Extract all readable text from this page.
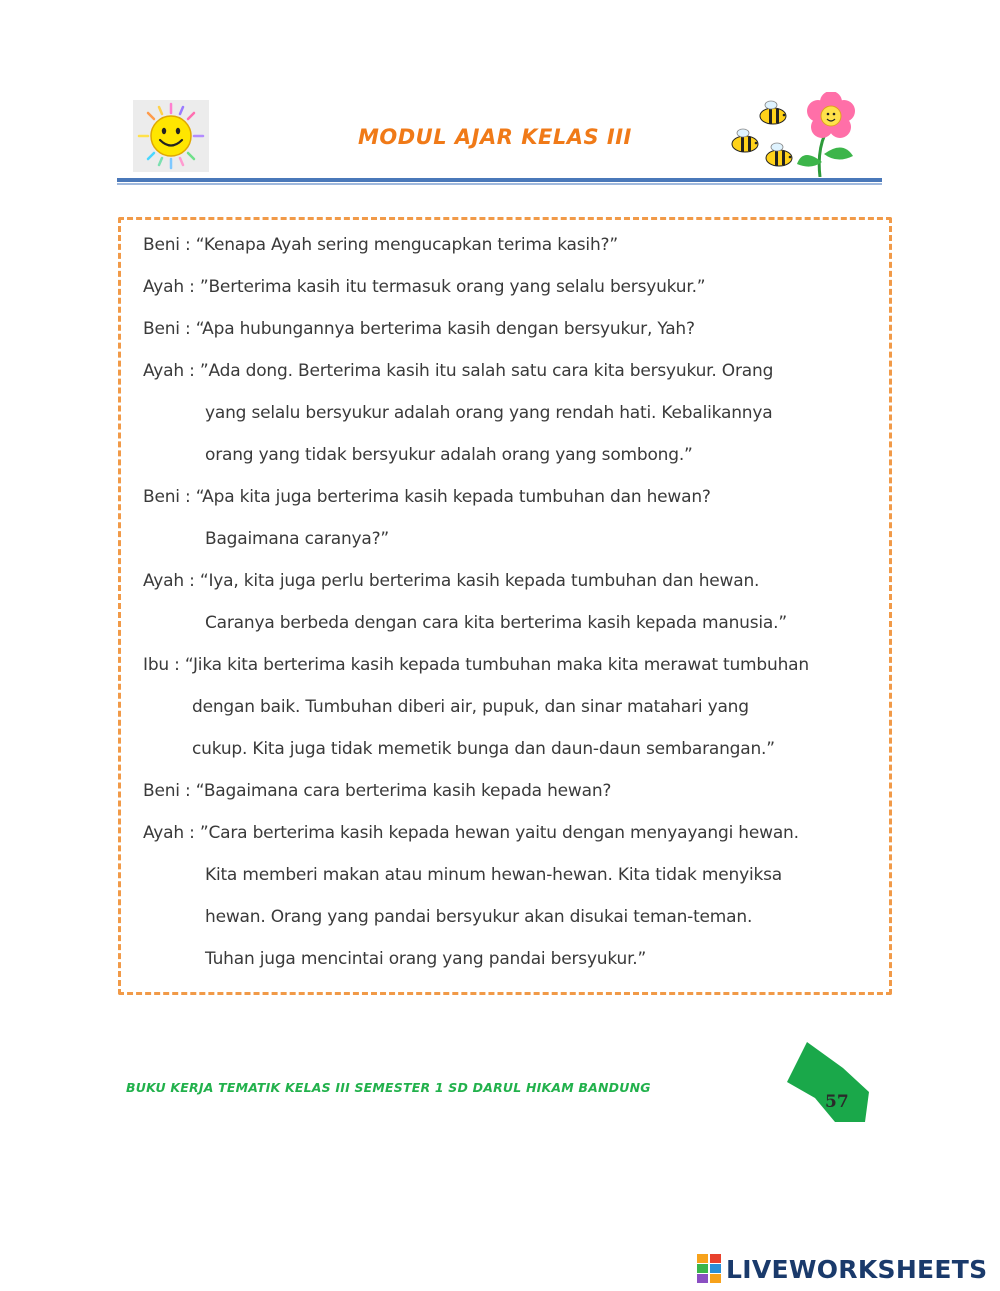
MODUL AJAR KELAS III
Beni : “Kenapa Ayah sering mengucapkan terima kasih?”
Ayah : ”Berterima kasih itu termasuk orang yang selalu bersyukur.”
Beni : “Apa hubungannya berterima kasih dengan bersyukur, Yah?
Ayah : ”Ada dong. Berterima kasih itu salah satu cara kita bersyukur. Orang
yang selalu bersyukur adalah orang yang rendah hati. Kebalikannya
orang yang tidak bersyukur adalah orang yang sombong.”
Beni : “Apa kita juga berterima kasih kepada tumbuhan dan hewan?
Bagaimana caranya?”
Ayah : “Iya, kita juga perlu berterima kasih kepada tumbuhan dan hewan.
Caranya berbeda dengan cara kita berterima kasih kepada manusia.”
Ibu : “Jika kita berterima kasih kepada tumbuhan maka kita merawat tumbuhan
dengan baik. Tumbuhan diberi air, pupuk, dan sinar matahari yang
cukup. Kita juga tidak memetik bunga dan daun-daun sembarangan.”
Beni : “Bagaimana cara berterima kasih kepada hewan?
Ayah : ”Cara berterima kasih kepada hewan yaitu dengan menyayangi hewan.
Kita memberi makan atau minum hewan-hewan. Kita tidak menyiksa
hewan. Orang yang pandai bersyukur akan disukai teman-teman.
Tuhan juga mencintai orang yang pandai bersyukur.”
BUKU KERJA TEMATIK KELAS III SEMESTER 1 SD DARUL HIKAM BANDUNG
57
LIVEWORKSHEETS
